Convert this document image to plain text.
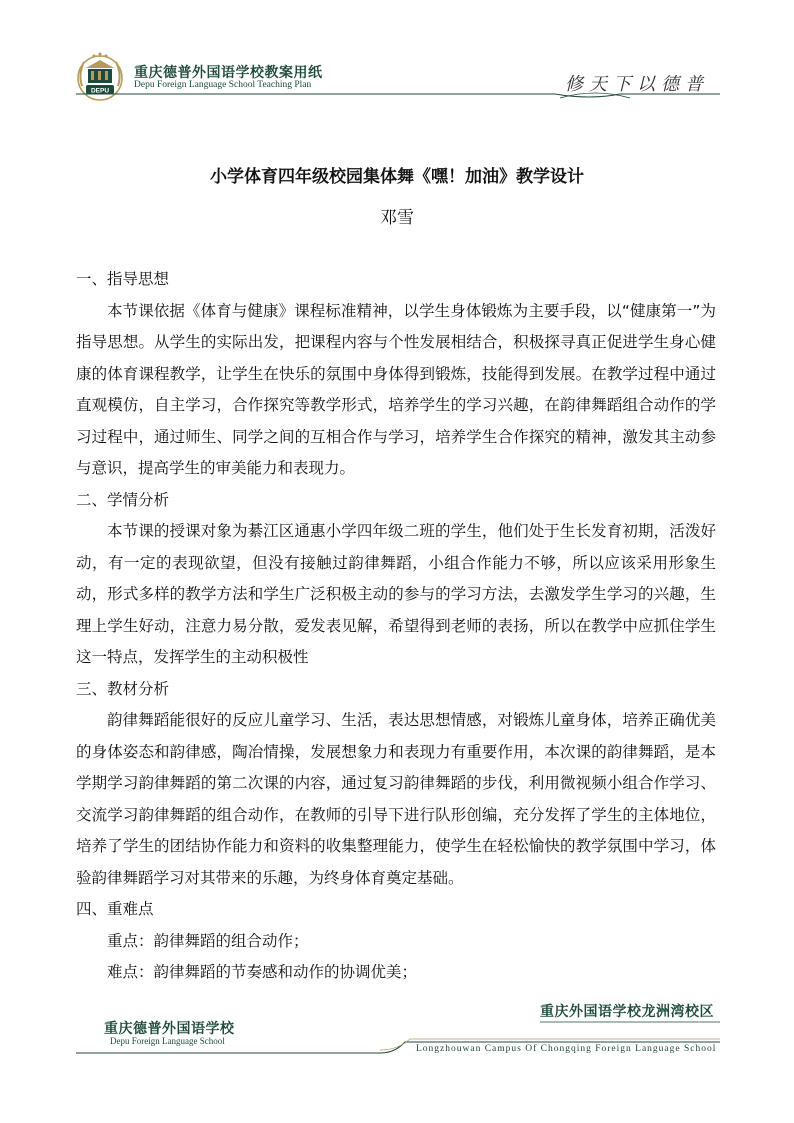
DEPU
重庆德普外国语学校教案用纸
Depu Foreign Language School Teaching Plan	修天下以德普
小学体育四年级校园集体舞《嘿！加油》教学设计
邓雪

一、指导思想

本节课依据《体育与健康》课程标准精神，以学生身体锻炼为主要手段，以“健康第一”为指导思想。从学生的实际出发，把课程内容与个性发展相结合，积极探寻真正促进学生身心健康的体育课程教学，让学生在快乐的氛围中身体得到锻炼，技能得到发展。在教学过程中通过直观模仿，自主学习，合作探究等教学形式，培养学生的学习兴趣，在韵律舞蹈组合动作的学习过程中，通过师生、同学之间的互相合作与学习，培养学生合作探究的精神，激发其主动参与意识，提高学生的审美能力和表现力。

二、学情分析

本节课的授课对象为綦江区通惠小学四年级二班的学生，他们处于生长发育初期，活泼好动，有一定的表现欲望，但没有接触过韵律舞蹈，小组合作能力不够，所以应该采用形象生动，形式多样的教学方法和学生广泛积极主动的参与的学习方法，去激发学生学习的兴趣，生理上学生好动，注意力易分散，爱发表见解，希望得到老师的表扬，所以在教学中应抓住学生这一特点，发挥学生的主动积极性

三、教材分析

韵律舞蹈能很好的反应儿童学习、生活，表达思想情感，对锻炼儿童身体，培养正确优美的身体姿态和韵律感，陶冶情操，发展想象力和表现力有重要作用，本次课的韵律舞蹈，是本学期学习韵律舞蹈的第二次课的内容，通过复习韵律舞蹈的步伐，利用微视频小组合作学习、交流学习韵律舞蹈的组合动作，在教师的引导下进行队形创编，充分发挥了学生的主体地位，培养了学生的团结协作能力和资料的收集整理能力，使学生在轻松愉快的教学氛围中学习，体验韵律舞蹈学习对其带来的乐趣，为终身体育奠定基础。

四、重难点

重点：韵律舞蹈的组合动作；

难点：韵律舞蹈的节奏感和动作的协调优美；

重庆外国语学校龙洲湾校区
重庆德普外国语学校
Depu Foreign Language School
Longzhouwan Campus Of Chongqing Foreign Language School
